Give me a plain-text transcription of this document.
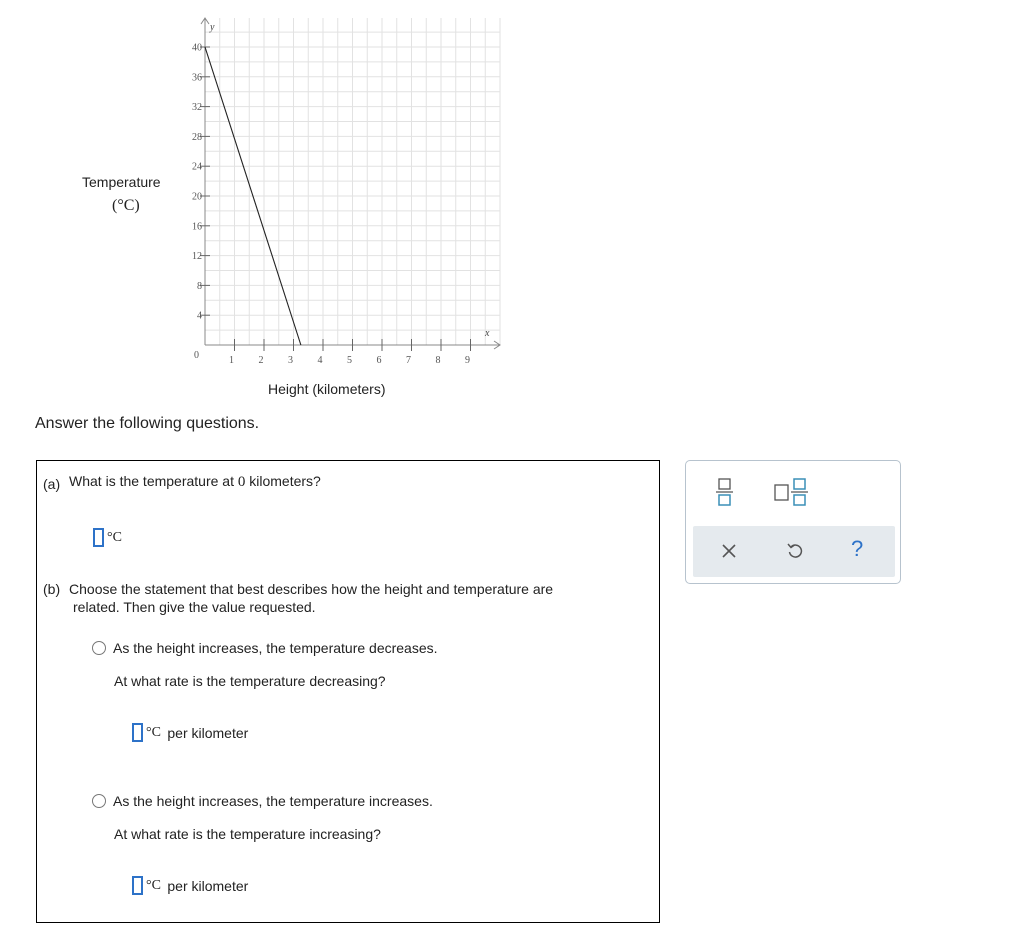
y
x
0
4
8
12
16
20
24
28
32
36
40
1 2 3 4 5 6 7 8 9
Temperature
(°C)
Height (kilometers)
Answer the following questions.
(a) What is the temperature at 0 kilometers?
°C
(b) Choose the statement that best describes how the height and temperature are
related. Then give the value requested.
As the height increases, the temperature decreases.
At what rate is the temperature decreasing?
°C per kilometer
As the height increases, the temperature increases.
At what rate is the temperature increasing?
°C per kilometer
?
